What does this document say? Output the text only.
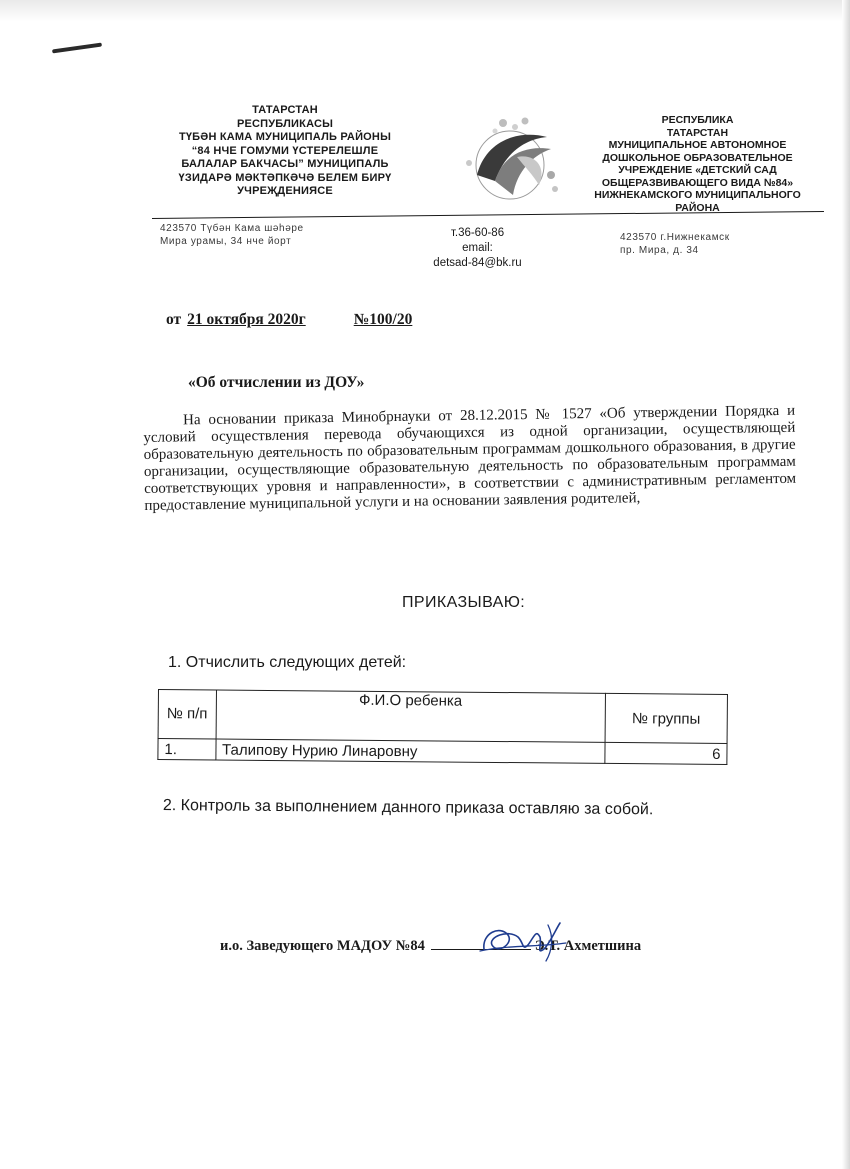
ТАТАРСТАН
РЕСПУБЛИКАСЫ
ТҮБӘН КАМА МУНИЦИПАЛЬ РАЙОНЫ
“84 НЧЕ ГОМУМИ ҮСТЕРЕЛЕШЛЕ
БАЛАЛАР БАКЧАСЫ” МУНИЦИПАЛЬ
ҮЗИДАРӘ МӘКТӘПКӘЧӘ БЕЛЕМ БИРҮ
УЧРЕҖДЕНИЯСЕ
РЕСПУБЛИКА
ТАТАРСТАН
МУНИЦИПАЛЬНОЕ АВТОНОМНОЕ
ДОШКОЛЬНОЕ ОБРАЗОВАТЕЛЬНОЕ
УЧРЕЖДЕНИЕ «ДЕТСКИЙ САД
ОБЩЕРАЗВИВАЮЩЕГО ВИДА №84»
НИЖНЕКАМСКОГО МУНИЦИПАЛЬНОГО
РАЙОНА
423570 Түбән Кама шәһәре
Мира урамы, 34 нче йорт
т.36-60-86
email:
detsad-84@bk.ru
423570 г.Нижнекамск
пр. Мира, д. 34
от 21 октября 2020г	№100/20
«Об отчислении из ДОУ»
На основании приказа Минобрнауки от 28.12.2015 № 1527 «Об утверждении Порядка и условий осуществления перевода обучающихся из одной организации, осуществляющей образовательную деятельность по образовательным программам дошкольного образования, в другие организации, осуществляющие образовательную деятельность по образовательным программам соответствующих уровня и направленности», в соответствии с административным регламентом предоставление муниципальной услуги и на основании заявления родителей,
ПРИКАЗЫВАЮ:
1. Отчислить следующих детей:
№ п/п	Ф.И.О ребенка	№ группы
1.	Талипову Нурию Линаровну	6
2. Контроль за выполнением данного приказа оставляю за собой.
и.о. Заведующего МАДОУ №84	Э.Т. Ахметшина
